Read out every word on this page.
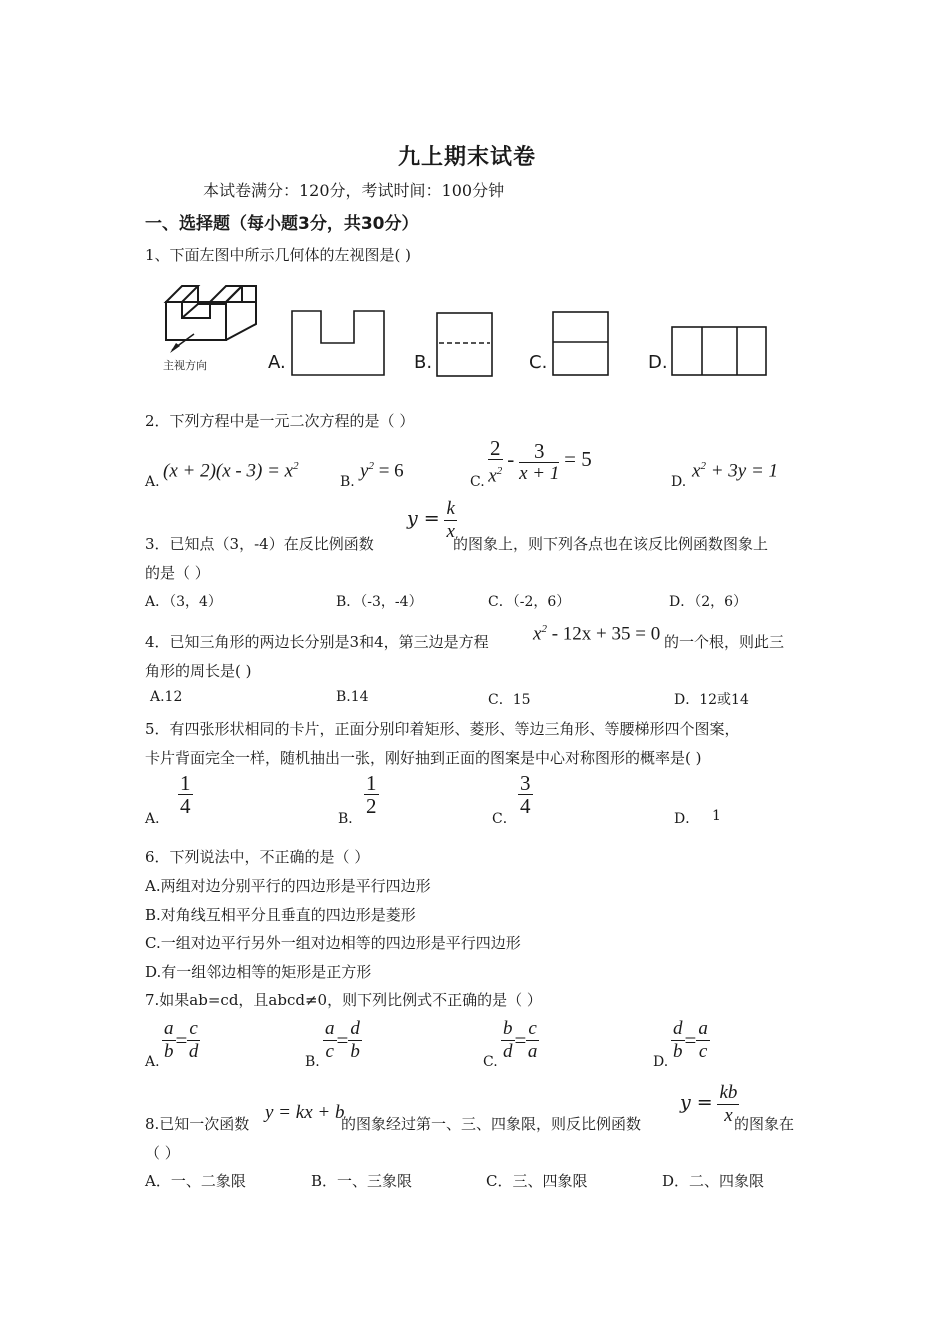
九上期末试卷
本试卷满分：120分，考试时间：100分钟
一、选择题（每小题3分，共30分）
1、下面左图中所示几何体的左视图是( )
主视方向	A.	B.	C.	D.
2．下列方程中是一元二次方程的是（ ）
A.
$(x + 2)(x - 3) = x^2$
B.
$y^2 = 6$
C. $\frac{2}{x^2} - \frac{3}{x + 1} = 5$
D.
$x^2 + 3y = 1$
3．已知点（3，-4）在反比例函数
$y = \frac{k}{x}$
的图象上，则下列各点也在该反比例函数图象上
的是（ ）
A．（3，4）	B．（-3，-4）	C．（-2，6）	D．（2，6）
4．已知三角形的两边长分别是3和4，第三边是方程 $x^2 - 12x + 35 = 0$ 的一个根，则此三
角形的周长是( )
A.12	B.14	C．15	D．12或14
5．有四张形状相同的卡片，正面分别印着矩形、菱形、等边三角形、等腰梯形四个图案，
卡片背面完全一样，随机抽出一张，刚好抽到正面的图案是中心对称图形的概率是( )
A．
$\frac{1}{4}$
B．
$\frac{1}{2}$
C．
$\frac{3}{4}$
D． 1
6．下列说法中，不正确的是（ ）
A.两组对边分别平行的四边形是平行四边形
B.对角线互相平分且垂直的四边形是菱形
C.一组对边平行另外一组对边相等的四边形是平行四边形
D.有一组邻边相等的矩形是正方形
7.如果ab=cd，且abcd≠0，则下列比例式不正确的是（ ）
A. $\frac{a}{b} = \frac{c}{d}$	B. $\frac{a}{c} = \frac{d}{b}$	C. $\frac{b}{d} = \frac{c}{a}$	D. $\frac{d}{b} = \frac{a}{c}$
8.已知一次函数
y = kx + b
的图象经过第一、三、四象限，则反比例函数
$y = \frac{kb}{x}$
的图象在
（ ）
A．一、二象限	B．一、三象限	C．三、四象限	D．二、四象限
